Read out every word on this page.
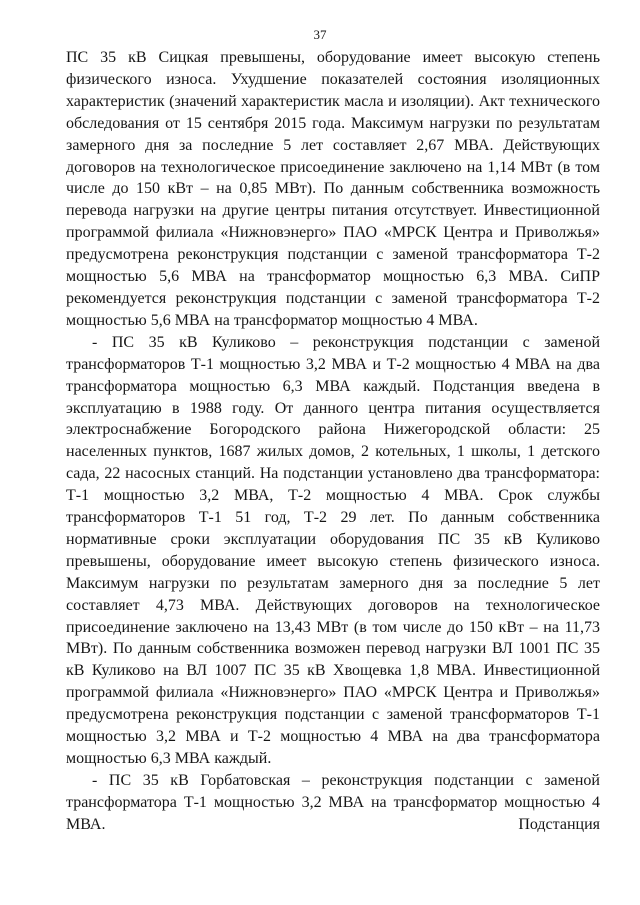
37

ПС 35 кВ Сицкая превышены, оборудование имеет высокую степень физического износа. Ухудшение показателей состояния изоляционных характеристик (значений характеристик масла и изоляции). Акт технического обследования от 15 сентября 2015 года. Максимум нагрузки по результатам замерного дня за последние 5 лет составляет 2,67 МВА. Действующих договоров на технологическое присоединение заключено на 1,14 МВт (в том числе до 150 кВт – на 0,85 МВт). По данным собственника возможность перевода нагрузки на другие центры питания отсутствует. Инвестиционной программой филиала «Нижновэнерго» ПАО «МРСК Центра и Приволжья» предусмотрена реконструкция подстанции с заменой трансформатора Т-2 мощностью 5,6 МВА на трансформатор мощностью 6,3 МВА. СиПР рекомендуется реконструкция подстанции с заменой трансформатора Т-2 мощностью 5,6 МВА на трансформатор мощностью 4 МВА.

- ПС 35 кВ Куликово – реконструкция подстанции с заменой трансформаторов Т-1 мощностью 3,2 МВА и Т-2 мощностью 4 МВА на два трансформатора мощностью 6,3 МВА каждый. Подстанция введена в эксплуатацию в 1988 году. От данного центра питания осуществляется электроснабжение Богородского района Нижегородской области: 25 населенных пунктов, 1687 жилых домов, 2 котельных, 1 школы, 1 детского сада, 22 насосных станций. На подстанции установлено два трансформатора: Т-1 мощностью 3,2 МВА, Т-2 мощностью 4 МВА. Срок службы трансформаторов Т-1 51 год, Т-2 29 лет. По данным собственника нормативные сроки эксплуатации оборудования ПС 35 кВ Куликово превышены, оборудование имеет высокую степень физического износа. Максимум нагрузки по результатам замерного дня за последние 5 лет составляет 4,73 МВА. Действующих договоров на технологическое присоединение заключено на 13,43 МВт (в том числе до 150 кВт – на 11,73 МВт). По данным собственника возможен перевод нагрузки ВЛ 1001 ПС 35 кВ Куликово на ВЛ 1007 ПС 35 кВ Хвощевка 1,8 МВА. Инвестиционной программой филиала «Нижновэнерго» ПАО «МРСК Центра и Приволжья» предусмотрена реконструкция подстанции с заменой трансформаторов Т-1 мощностью 3,2 МВА и Т-2 мощностью 4 МВА на два трансформатора мощностью 6,3 МВА каждый.

- ПС 35 кВ Горбатовская – реконструкция подстанции с заменой трансформатора Т-1 мощностью 3,2 МВА на трансформатор мощностью 4 МВА. Подстанция
